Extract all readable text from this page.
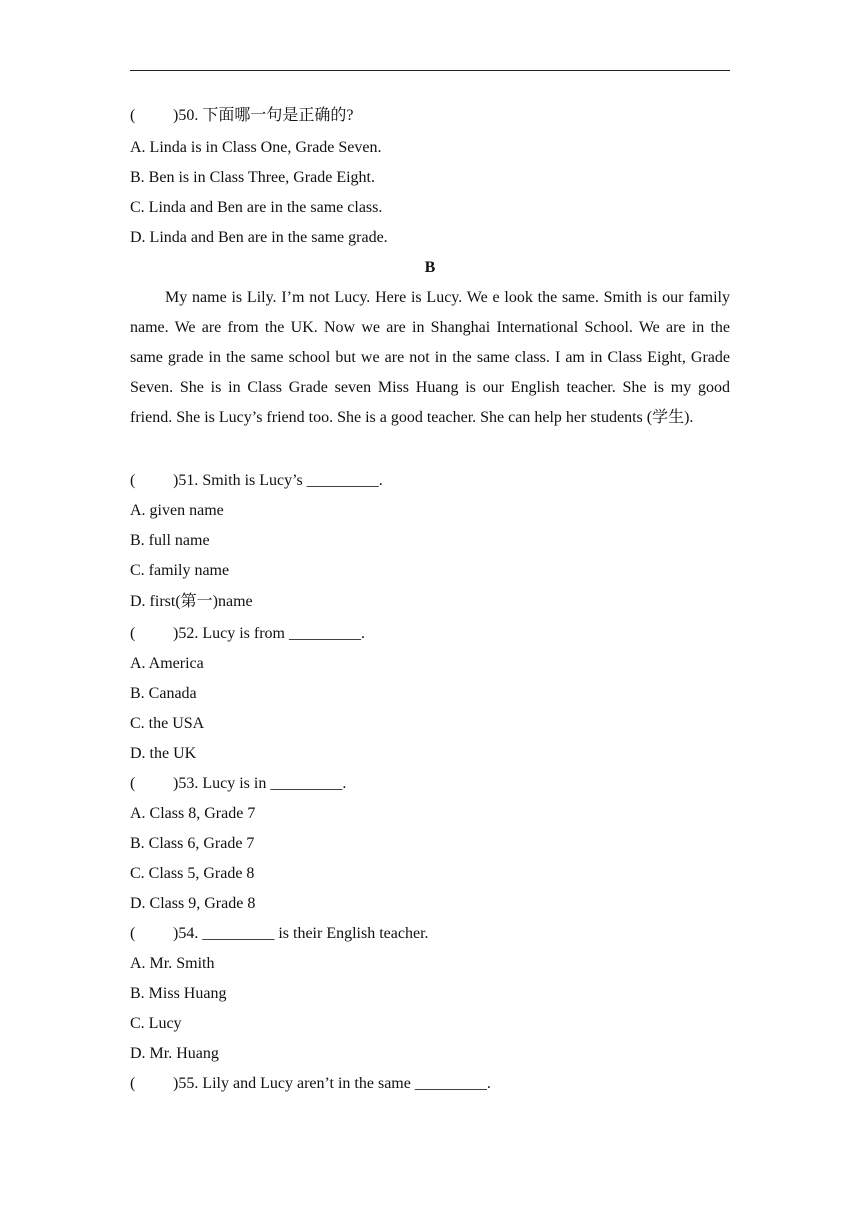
(	)50. 下面哪一句是正确的?
A. Linda is in Class One, Grade Seven.
B. Ben is in Class Three, Grade Eight.
C. Linda and Ben are in the same class.
D. Linda and Ben are in the same grade.
B
My name is Lily. I’m not Lucy. Here is Lucy. We e look the same. Smith is our family name. We are from the UK. Now we are in Shanghai International School. We are in the same grade in the same school but we are not in the same class. I am in Class Eight, Grade Seven. She is in Class Grade seven Miss Huang is our English teacher. She is my good friend. She is Lucy’s friend too. She is a good teacher. She can help her students (学生).
(	)51. Smith is Lucy’s _________.
A. given name
B. full name
C. family name
D. first(第一)name
(	)52. Lucy is from _________.
A. America
B. Canada
C. the USA
D. the UK
(	)53. Lucy is in _________.
A. Class 8, Grade 7
B. Class 6, Grade 7
C. Class 5, Grade 8
D. Class 9, Grade 8
(	)54. _________ is their English teacher.
A. Mr. Smith
B. Miss Huang
C. Lucy
D. Mr. Huang
(	)55. Lily and Lucy aren’t in the same _________.
